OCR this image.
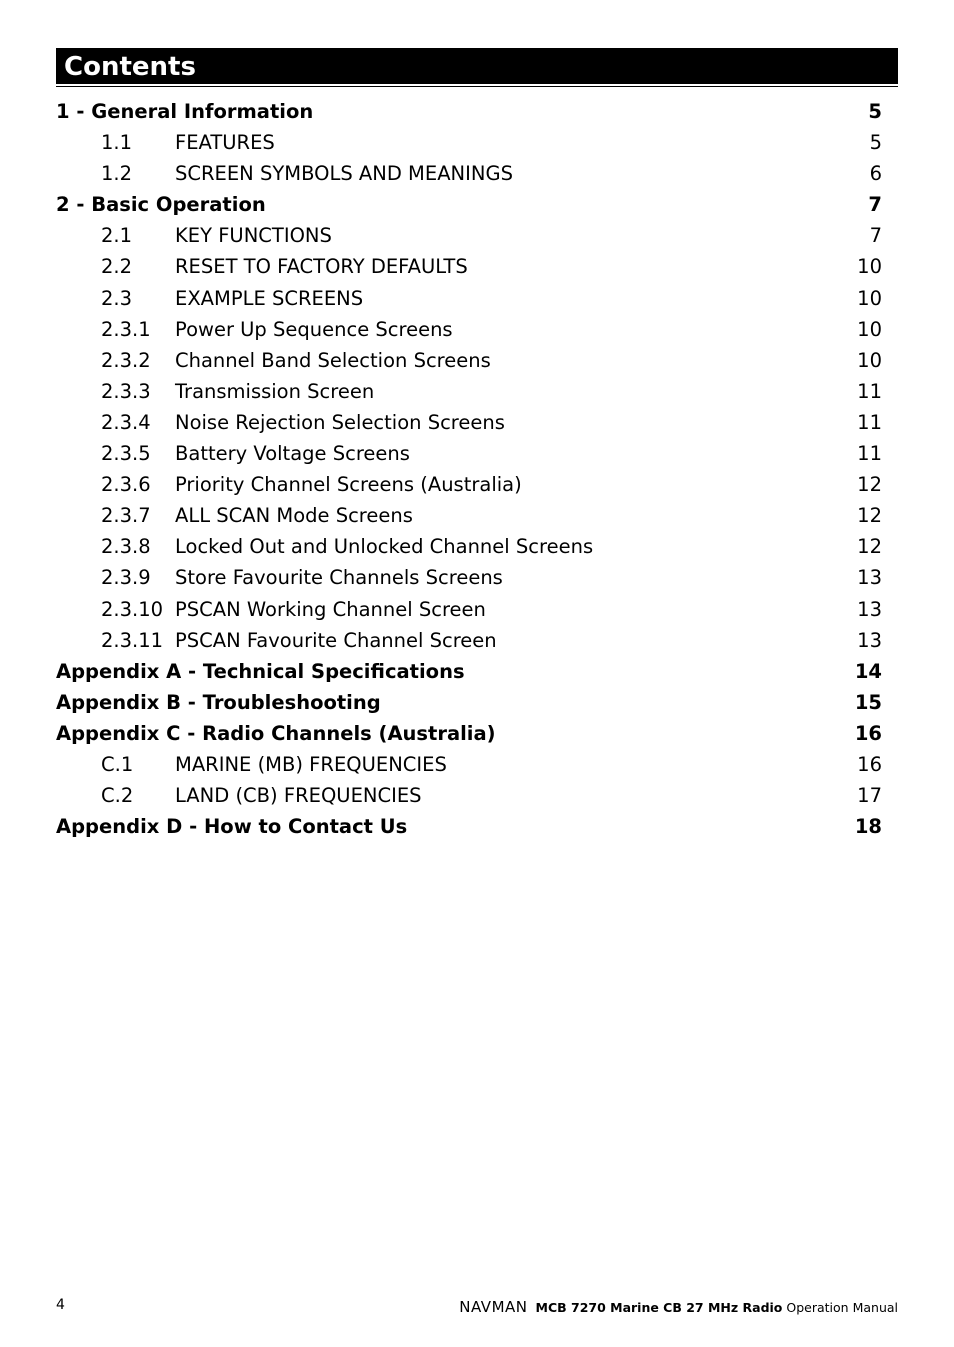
Contents
1 - General Information	5
1.1 FEATURES	5
1.2 SCREEN SYMBOLS AND MEANINGS	6
2 - Basic Operation	7
2.1 KEY FUNCTIONS	7
2.2 RESET TO FACTORY DEFAULTS	10
2.3 EXAMPLE SCREENS	10
2.3.1 Power Up Sequence Screens	10
2.3.2 Channel Band Selection Screens	10
2.3.3 Transmission Screen	11
2.3.4 Noise Rejection Selection Screens	11
2.3.5 Battery Voltage Screens	11
2.3.6 Priority Channel Screens (Australia)	12
2.3.7 ALL SCAN Mode Screens	12
2.3.8 Locked Out and Unlocked Channel Screens	12
2.3.9 Store Favourite Channels Screens	13
2.3.10 PSCAN Working Channel Screen	13
2.3.11 PSCAN Favourite Channel Screen	13
Appendix A - Technical Specifications	14
Appendix B - Troubleshooting	15
Appendix C - Radio Channels (Australia)	16
C.1 MARINE (MB) FREQUENCIES	16
C.2 LAND (CB) FREQUENCIES	17
Appendix D - How to Contact Us	18
4	NAVMAN MCB 7270 Marine CB 27 MHz Radio Operation Manual
